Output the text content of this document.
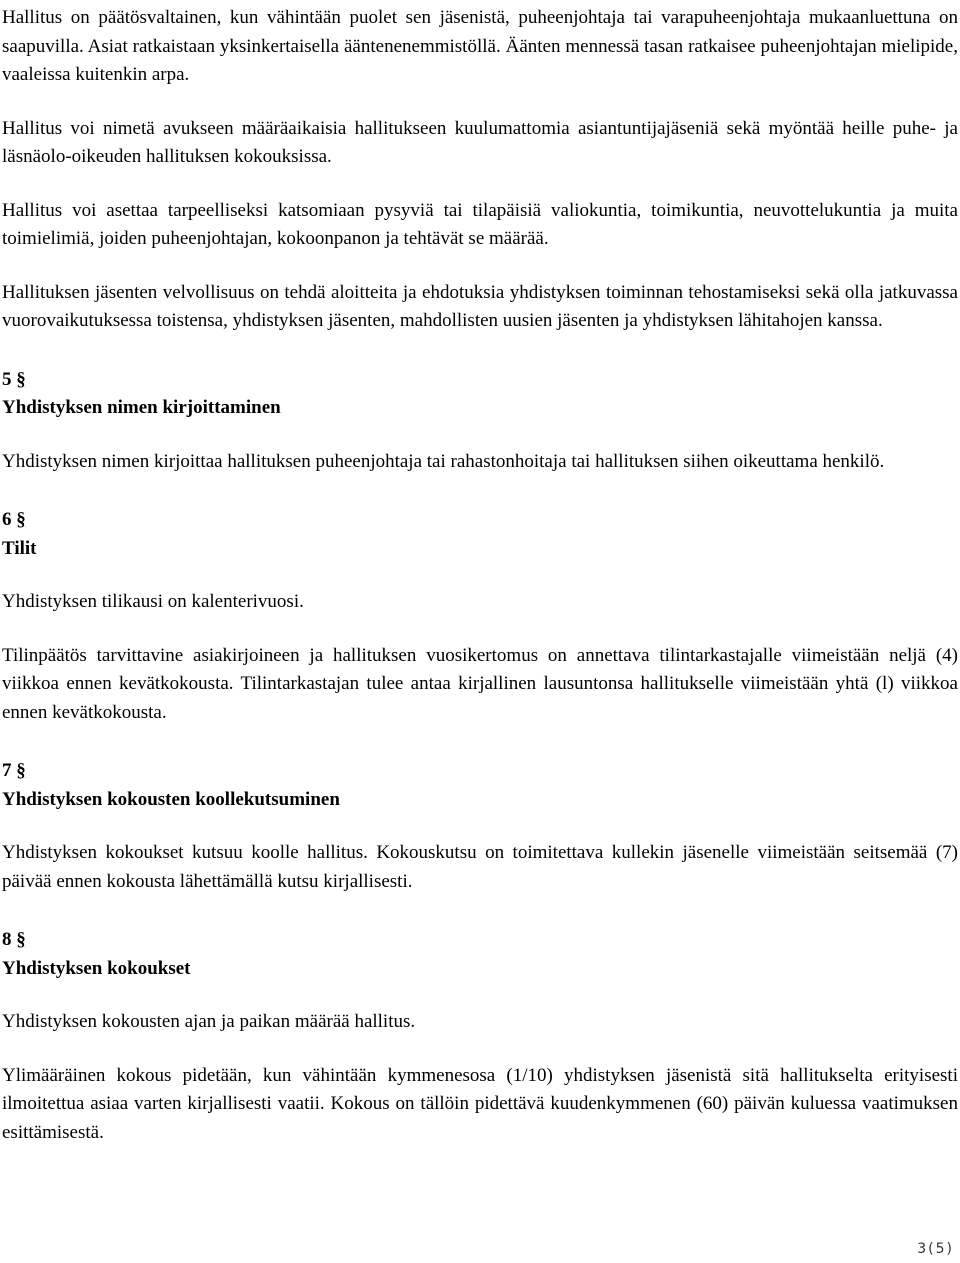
Hallitus on päätösvaltainen, kun vähintään puolet sen jäsenistä, puheenjohtaja tai varapuheenjohtaja mukaanluettuna on saapuvilla. Asiat ratkaistaan yksinkertaisella ääntenenemmistöllä. Äänten mennessä tasan ratkaisee puheenjohtajan mielipide, vaaleissa kuitenkin arpa.

Hallitus voi nimetä avukseen määräaikaisia hallitukseen kuulumattomia asiantuntijajäseniä sekä myöntää heille puhe- ja läsnäolo-oikeuden hallituksen kokouksissa.

Hallitus voi asettaa tarpeelliseksi katsomiaan pysyviä tai tilapäisiä valiokuntia, toimikuntia, neuvottelukuntia ja muita toimielimiä, joiden puheenjohtajan, kokoonpanon ja tehtävät se määrää.

Hallituksen jäsenten velvollisuus on tehdä aloitteita ja ehdotuksia yhdistyksen toiminnan tehostamiseksi sekä olla jatkuvassa vuorovaikutuksessa toistensa, yhdistyksen jäsenten, mahdollisten uusien jäsenten ja yhdistyksen lähitahojen kanssa.

5 §

Yhdistyksen nimen kirjoittaminen

Yhdistyksen nimen kirjoittaa hallituksen puheenjohtaja tai rahastonhoitaja tai hallituksen siihen oikeuttama henkilö.

6 §

Tilit

Yhdistyksen tilikausi on kalenterivuosi.

Tilinpäätös tarvittavine asiakirjoineen ja hallituksen vuosikertomus on annettava tilintarkastajalle viimeistään neljä (4) viikkoa ennen kevätkokousta. Tilintarkastajan tulee antaa kirjallinen lausuntonsa hallitukselle viimeistään yhtä (l) viikkoa ennen kevätkokousta.

7 §

Yhdistyksen kokousten koollekutsuminen

Yhdistyksen kokoukset kutsuu koolle hallitus. Kokouskutsu on toimitettava kullekin jäsenelle viimeistään seitsemää (7) päivää ennen kokousta lähettämällä kutsu kirjallisesti.

8 §

Yhdistyksen kokoukset

Yhdistyksen kokousten ajan ja paikan määrää hallitus.

Ylimääräinen kokous pidetään, kun vähintään kymmenesosa (1/10) yhdistyksen jäsenistä sitä hallitukselta erityisesti ilmoitettua asiaa varten kirjallisesti vaatii. Kokous on tällöin pidettävä kuudenkymmenen (60) päivän kuluessa vaatimuksen esittämisestä.

3(5)
